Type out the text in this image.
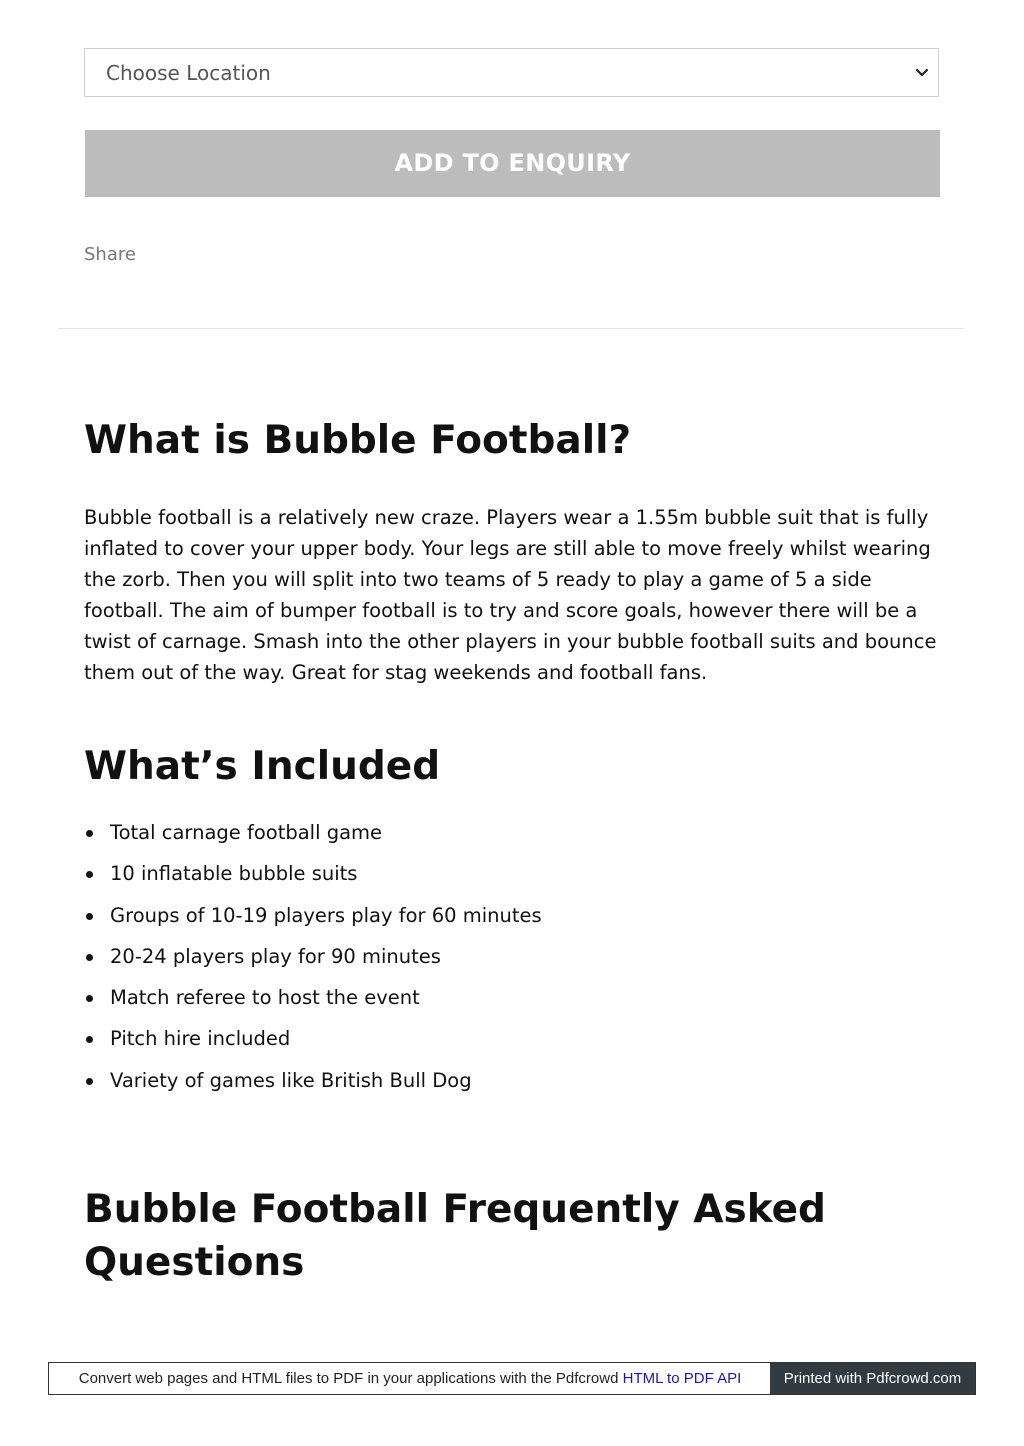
Choose Location
ADD TO ENQUIRY
Share
What is Bubble Football?

Bubble football is a relatively new craze. Players wear a 1.55m bubble suit that is fully inflated to cover your upper body. Your legs are still able to move freely whilst wearing the zorb. Then you will split into two teams of 5 ready to play a game of 5 a side football. The aim of bumper football is to try and score goals, however there will be a twist of carnage. Smash into the other players in your bubble football suits and bounce them out of the way. Great for stag weekends and football fans.

What’s Included
Total carnage football game
10 inflatable bubble suits
Groups of 10-19 players play for 60 minutes
20-24 players play for 90 minutes
Match referee to host the event
Pitch hire included
Variety of games like British Bull Dog
Bubble Football Frequently Asked Questions
Convert web pages and HTML files to PDF in your applications with the Pdfcrowd HTML to PDF API	Printed with Pdfcrowd.com
